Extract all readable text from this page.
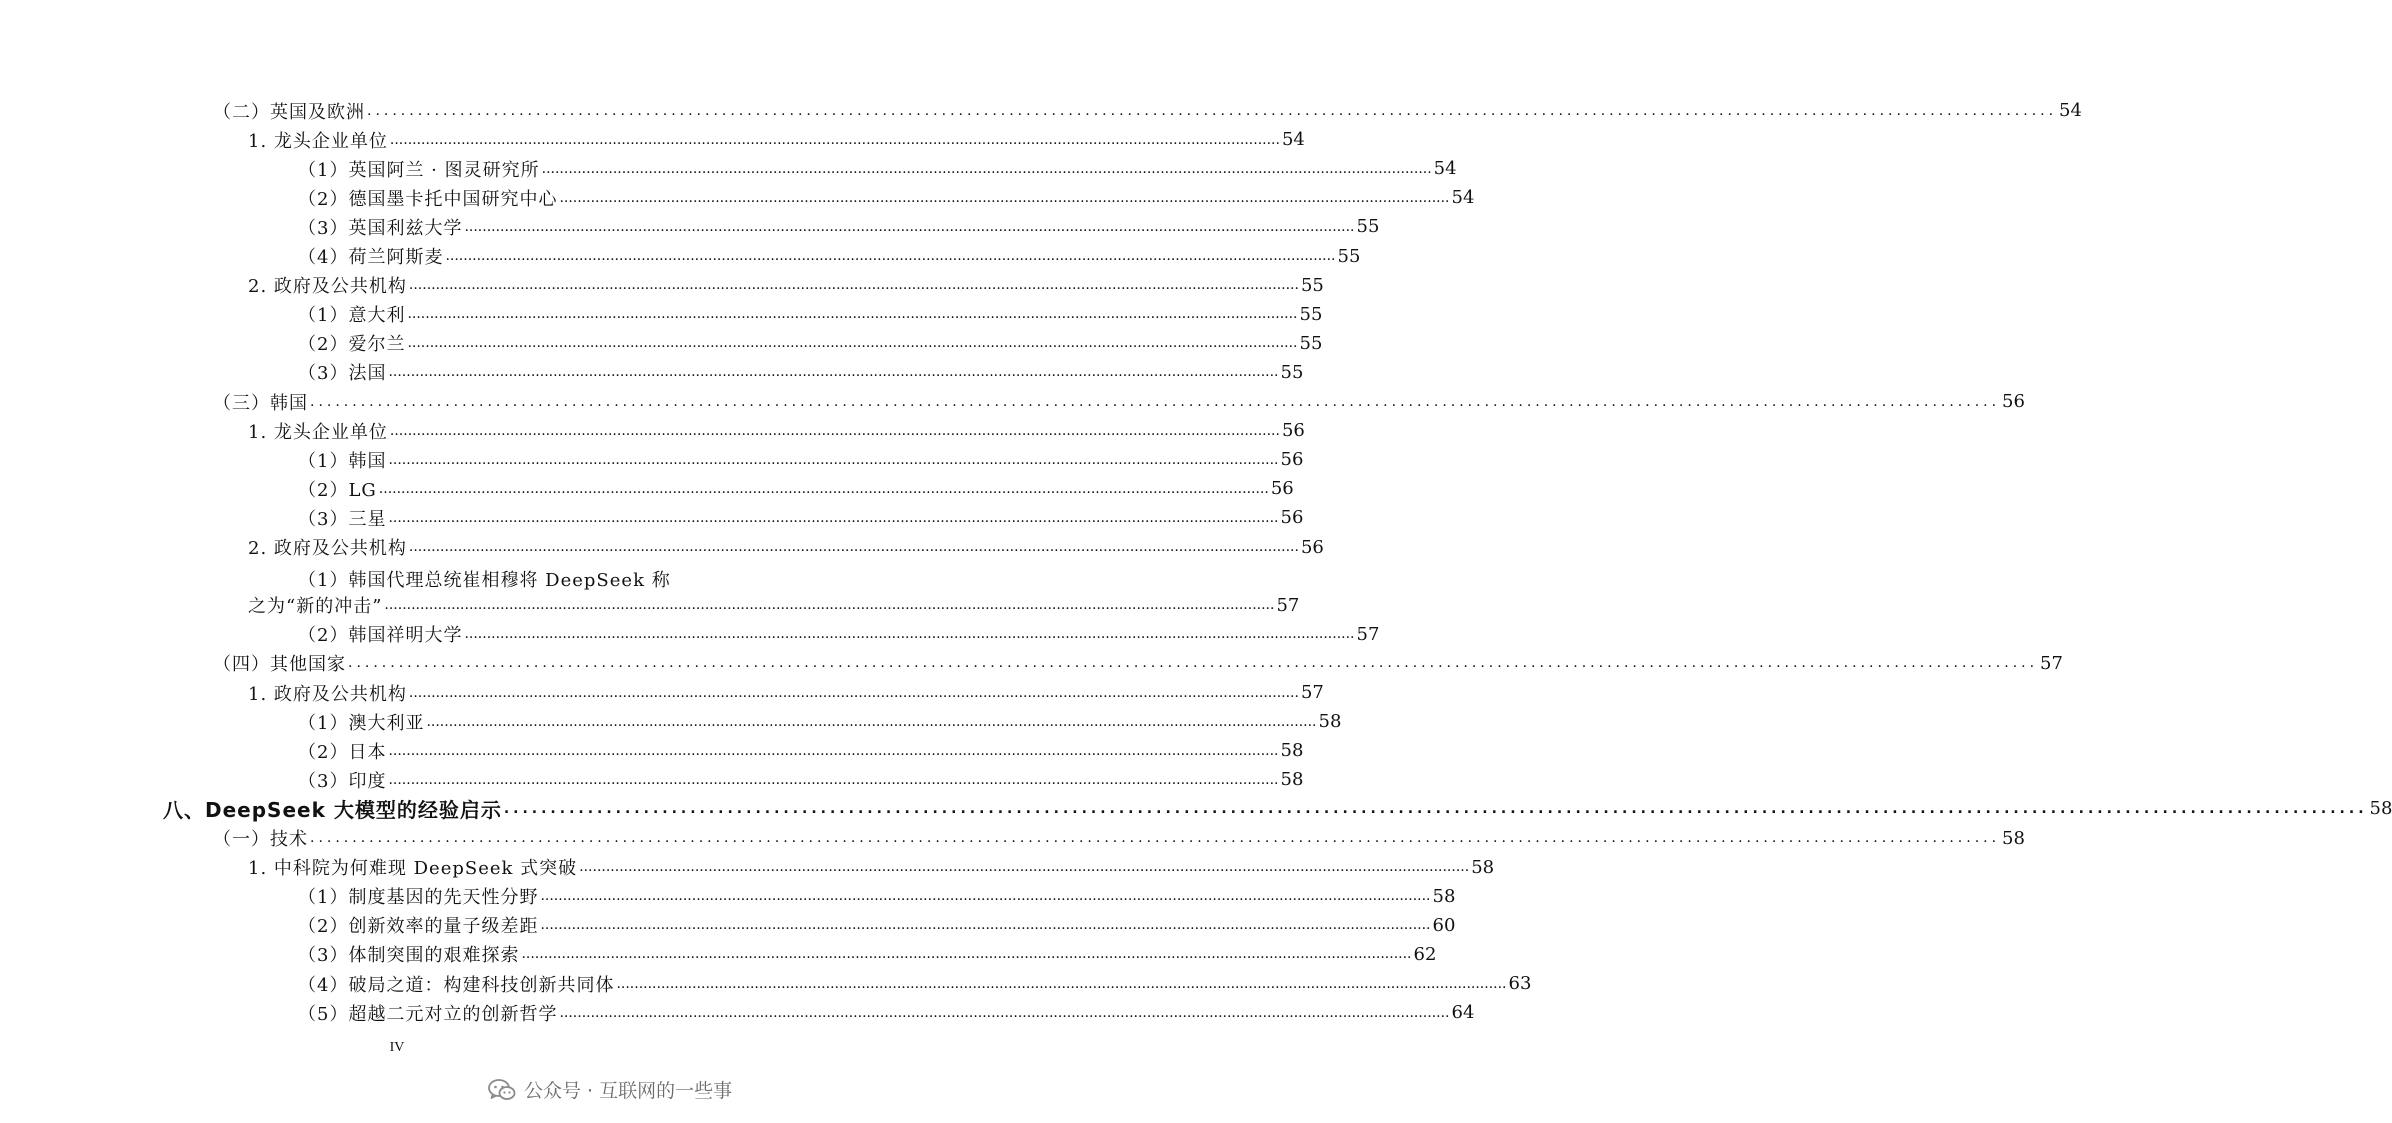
（二）英国及欧洲 ........................................................................................................................................................................................................ 54
1. 龙头企业单位 ........................................................................................................................................................................................................ 54
（1）英国阿兰 · 图灵研究所 ........................................................................................................................................................................................................ 54
（2）德国墨卡托中国研究中心 ........................................................................................................................................................................................................ 54
（3）英国利兹大学 ........................................................................................................................................................................................................ 55
（4）荷兰阿斯麦 ........................................................................................................................................................................................................ 55
2. 政府及公共机构 ........................................................................................................................................................................................................ 55
（1）意大利 ........................................................................................................................................................................................................ 55
（2）爱尔兰 ........................................................................................................................................................................................................ 55
（3）法国 ........................................................................................................................................................................................................ 55
（三）韩国 ........................................................................................................................................................................................................ 56
1. 龙头企业单位 ........................................................................................................................................................................................................ 56
（1）韩国 ........................................................................................................................................................................................................ 56
（2）LG ........................................................................................................................................................................................................ 56
（3）三星 ........................................................................................................................................................................................................ 56
2. 政府及公共机构 ........................................................................................................................................................................................................ 56
（1）韩国代理总统崔相穆将 DeepSeek 称
之为“新的冲击” ........................................................................................................................................................................................................ 57
（2）韩国祥明大学 ........................................................................................................................................................................................................ 57
（四）其他国家 ........................................................................................................................................................................................................ 57
1. 政府及公共机构 ........................................................................................................................................................................................................ 57
（1）澳大利亚 ........................................................................................................................................................................................................ 58
（2）日本 ........................................................................................................................................................................................................ 58
（3）印度 ........................................................................................................................................................................................................ 58
八、DeepSeek 大模型的经验启示 ........................................................................................................................................................................................................ 58
（一）技术 ........................................................................................................................................................................................................ 58
1. 中科院为何难现 DeepSeek 式突破 ........................................................................................................................................................................................................ 58
（1）制度基因的先天性分野 ........................................................................................................................................................................................................ 58
（2）创新效率的量子级差距 ........................................................................................................................................................................................................ 60
（3）体制突围的艰难探索 ........................................................................................................................................................................................................ 62
（4）破局之道：构建科技创新共同体 ........................................................................................................................................................................................................ 63
（5）超越二元对立的创新哲学 ........................................................................................................................................................................................................ 64
IV
公众号 · 互联网的一些事
